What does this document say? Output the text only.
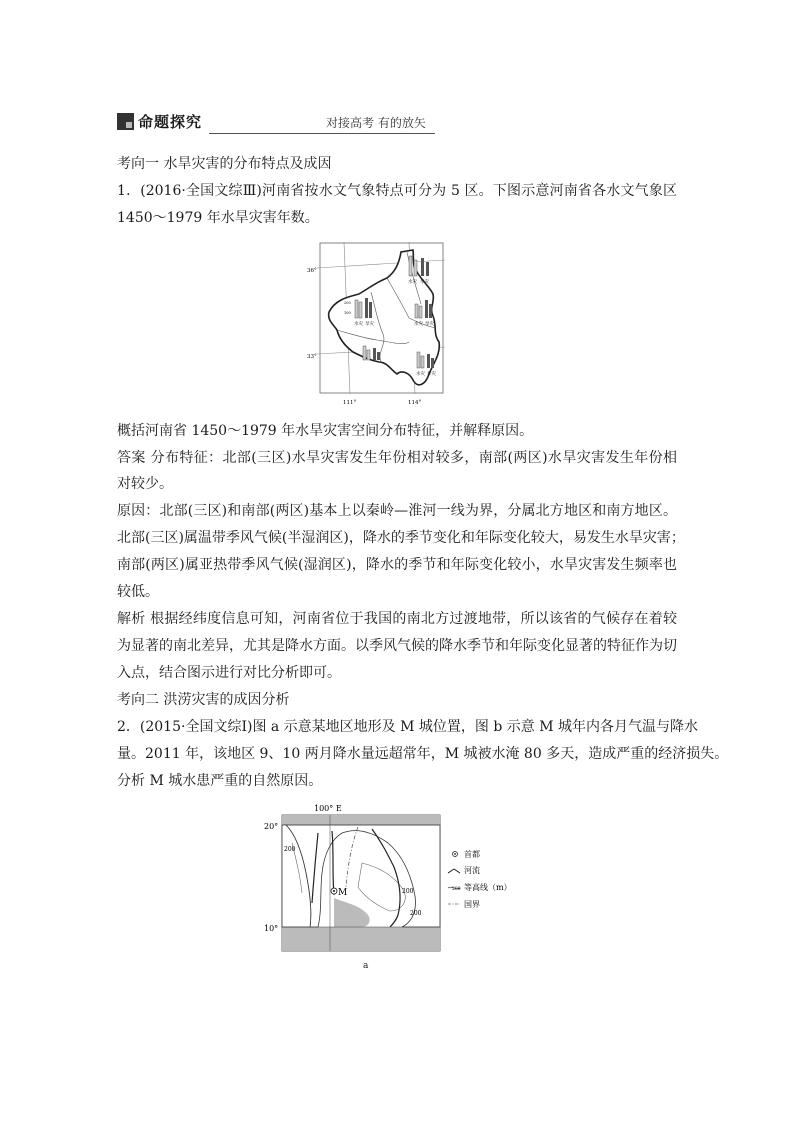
命题探究	对接高考 有的放矢
考向一 水旱灾害的分布特点及成因
1．(2016·全国文综Ⅲ)河南省按水文气象特点可分为 5 区。下图示意河南省各水文气象区
1450～1979 年水旱灾害年数。
水灾 旱灾
200
100
水灾 旱灾	水灾 旱灾
水灾 旱灾
36°
33°
111°	114°
概括河南省 1450～1979 年水旱灾害空间分布特征，并解释原因。
答案 分布特征：北部(三区)水旱灾害发生年份相对较多，南部(两区)水旱灾害发生年份相
对较少。
原因：北部(三区)和南部(两区)基本上以秦岭—淮河一线为界，分属北方地区和南方地区。
北部(三区)属温带季风气候(半湿润区)，降水的季节变化和年际变化较大，易发生水旱灾害；
南部(两区)属亚热带季风气候(湿润区)，降水的季节和年际变化较小，水旱灾害发生频率也
较低。
解析 根据经纬度信息可知，河南省位于我国的南北方过渡地带，所以该省的气候存在着较
为显著的南北差异，尤其是降水方面。以季风气候的降水季节和年际变化显著的特征作为切
入点，结合图示进行对比分析即可。
考向二 洪涝灾害的成因分析
2．(2015·全国文综Ⅰ)图 a 示意某地区地形及 M 城位置，图 b 示意 M 城年内各月气温与降水
量。2011 年，该地区 9、10 两月降水量远超常年，M 城被水淹 80 多天，造成严重的经济损失。
分析 M 城水患严重的自然原因。
M
200
200
200
100° E
20°
10°
首都
河流
200 等高线（m）
国界
a
